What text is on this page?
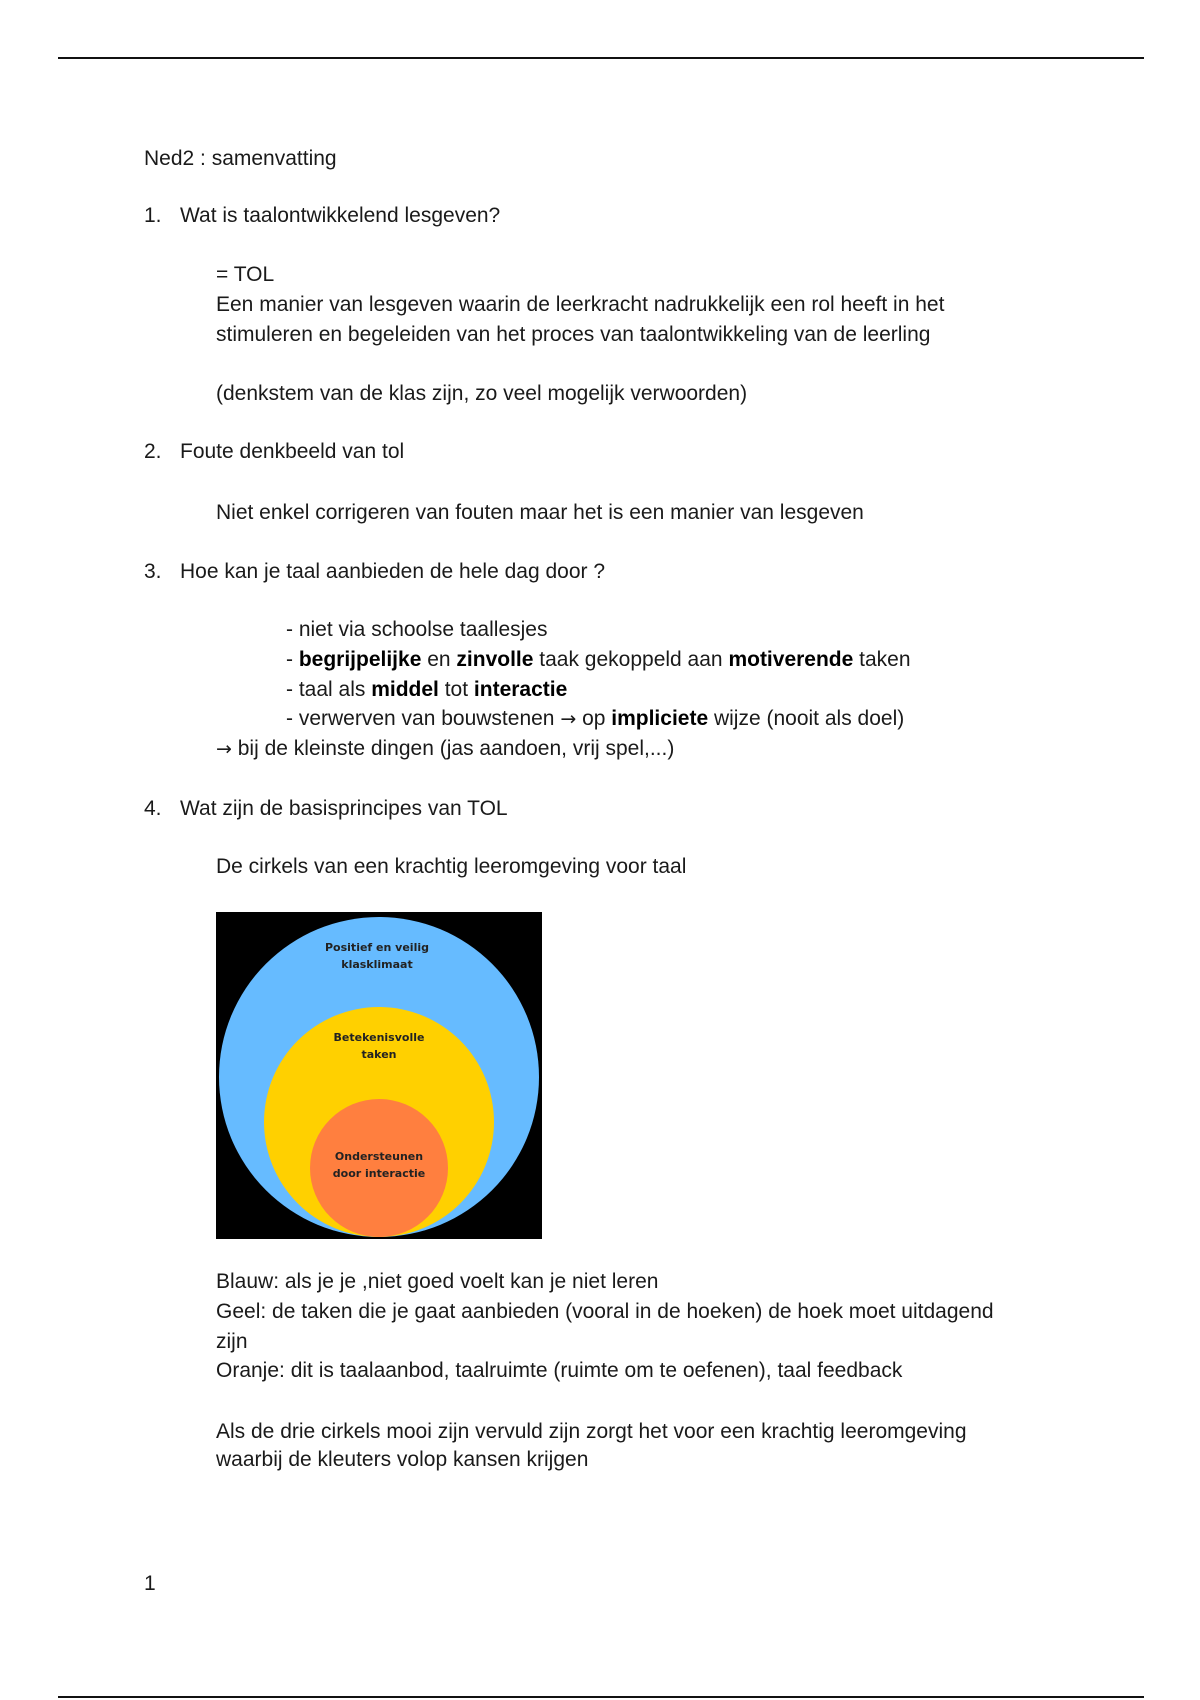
Ned2 : samenvatting
1. Wat is taalontwikkelend lesgeven?
= TOL
Een manier van lesgeven waarin de leerkracht nadrukkelijk een rol heeft in het
stimuleren en begeleiden van het proces van taalontwikkeling van de leerling
(denkstem van de klas zijn, zo veel mogelijk verwoorden)
2. Foute denkbeeld van tol
Niet enkel corrigeren van fouten maar het is een manier van lesgeven
3. Hoe kan je taal aanbieden de hele dag door ?
- niet via schoolse taallesjes
- begrijpelijke en zinvolle taak gekoppeld aan motiverende taken
- taal als middel tot interactie
- verwerven van bouwstenen → op impliciete wijze (nooit als doel)
→ bij de kleinste dingen (jas aandoen, vrij spel,...)
4. Wat zijn de basisprincipes van TOL
De cirkels van een krachtig leeromgeving voor taal
Positief en veilig
klasklimaat
Betekenisvolle
taken
Ondersteunen
door interactie
Blauw: als je je ,niet goed voelt kan je niet leren
Geel: de taken die je gaat aanbieden (vooral in de hoeken) de hoek moet uitdagend
zijn
Oranje: dit is taalaanbod, taalruimte (ruimte om te oefenen), taal feedback
Als de drie cirkels mooi zijn vervuld zijn zorgt het voor een krachtig leeromgeving
waarbij de kleuters volop kansen krijgen
1
